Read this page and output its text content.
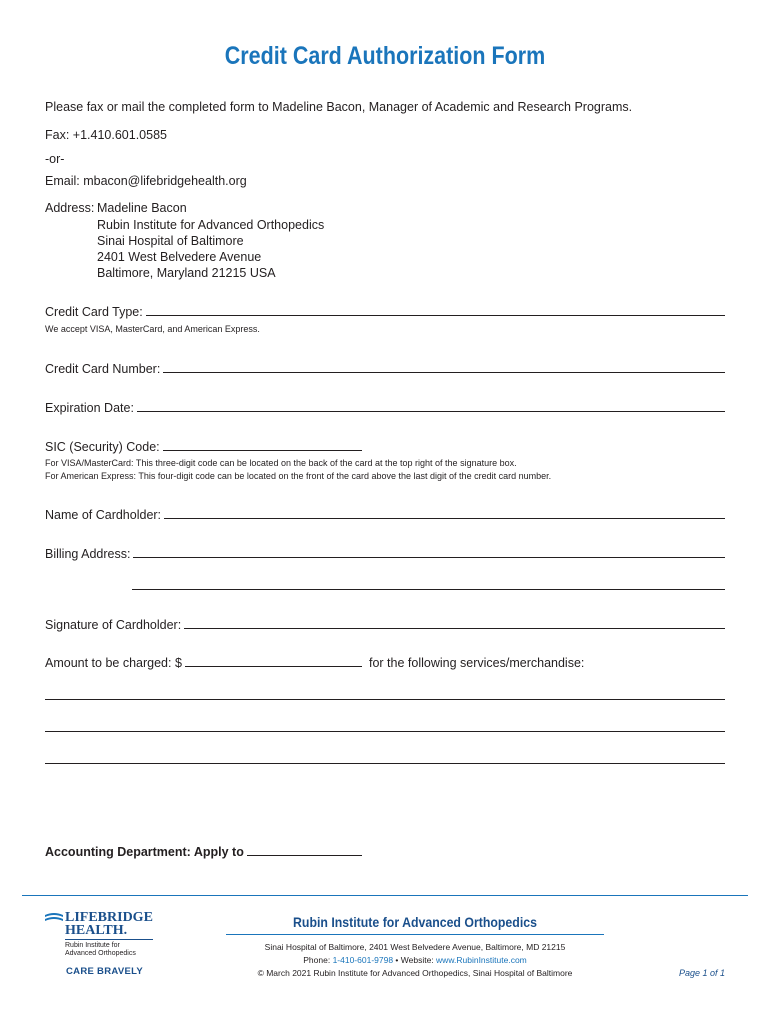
Credit Card Authorization Form
Please fax or mail the completed form to Madeline Bacon, Manager of Academic and Research Programs.
Fax: +1.410.601.0585
-or-
Email: mbacon@lifebridgehealth.org
Address: Madeline Bacon
Rubin Institute for Advanced Orthopedics
Sinai Hospital of Baltimore
2401 West Belvedere Avenue
Baltimore, Maryland 21215 USA
Credit Card Type:
We accept VISA, MasterCard, and American Express.
Credit Card Number:
Expiration Date:
SIC (Security) Code:
For VISA/MasterCard: This three-digit code can be located on the back of the card at the top right of the signature box.
For American Express: This four-digit code can be located on the front of the card above the last digit of the credit card number.
Name of Cardholder:
Billing Address:
Signature of Cardholder:
Amount to be charged: $	for the following services/merchandise:
Accounting Department: Apply to
LIFEBRIDGE
HEALTH.
Rubin Institute for
Advanced Orthopedics
CARE BRAVELY
Rubin Institute for Advanced Orthopedics
Sinai Hospital of Baltimore, 2401 West Belvedere Avenue, Baltimore, MD 21215
Phone: 1-410-601-9798 • Website: www.RubinInstitute.com
© March 2021 Rubin Institute for Advanced Orthopedics, Sinai Hospital of Baltimore	Page 1 of 1
